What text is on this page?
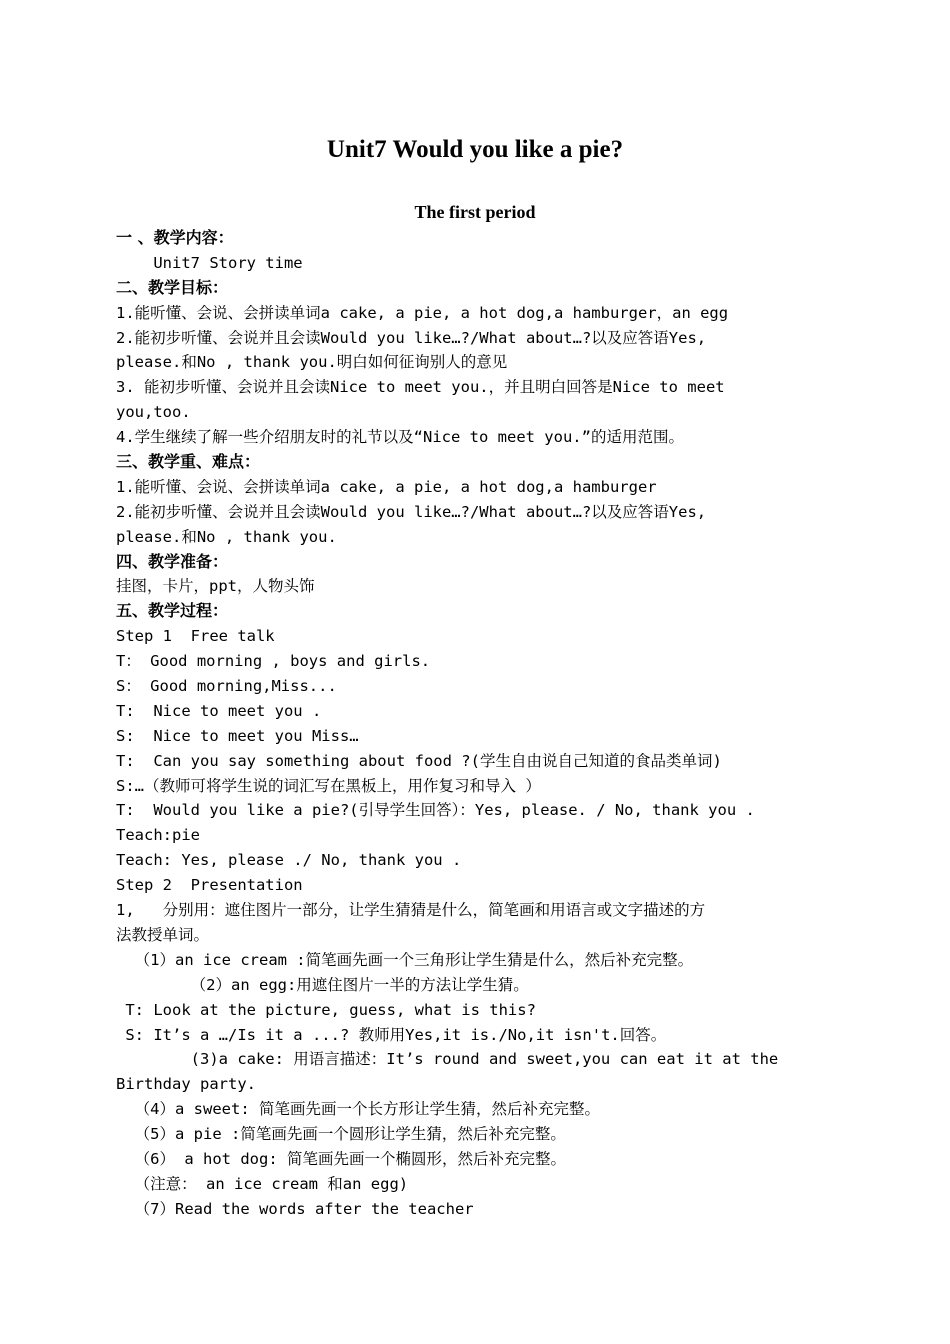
Unit7 Would you like a pie?
The first period
一 、教学内容：
Unit7 Story time
二、教学目标：
1.能听懂、会说、会拼读单词a cake, a pie, a hot dog,a hamburger，an egg
2.能初步听懂、会说并且会读Would you like…?/What about…?以及应答语Yes,
please.和No , thank you.明白如何征询别人的意见
3. 能初步听懂、会说并且会读Nice to meet you.，并且明白回答是Nice to meet
you,too.
4.学生继续了解一些介绍朋友时的礼节以及“Nice to meet you.”的适用范围。
三、教学重、难点：
1.能听懂、会说、会拼读单词a cake, a pie, a hot dog,a hamburger
2.能初步听懂、会说并且会读Would you like…?/What about…?以及应答语Yes,
please.和No , thank you.
四、教学准备：
挂图，卡片，ppt，人物头饰
五、教学过程：
Step 1  Free talk
T： Good morning , boys and girls.
S： Good morning,Miss...
T:  Nice to meet you .
S:  Nice to meet you Miss…
T:  Can you say something about food ?(学生自由说自己知道的食品类单词)
S:…（教师可将学生说的词汇写在黑板上，用作复习和导入 ）
T:  Would you like a pie?(引导学生回答）：Yes, please. / No, thank you .
Teach:pie
Teach: Yes, please ./ No, thank you .
Step 2  Presentation
1,   分别用：遮住图片一部分，让学生猜猜是什么，简笔画和用语言或文字描述的方
法教授单词。
（1）an ice cream :简笔画先画一个三角形让学生猜是什么，然后补充完整。
（2）an egg:用遮住图片一半的方法让学生猜。
T: Look at the picture, guess, what is this?
S: It’s a …/Is it a ...? 教师用Yes,it is./No,it isn't.回答。
(3)a cake: 用语言描述：It’s round and sweet,you can eat it at the
Birthday party.
（4）a sweet: 简笔画先画一个长方形让学生猜，然后补充完整。
（5）a pie :简笔画先画一个圆形让学生猜，然后补充完整。
（6） a hot dog: 简笔画先画一个椭圆形，然后补充完整。
（注意： an ice cream 和an egg)
（7）Read the words after the teacher
